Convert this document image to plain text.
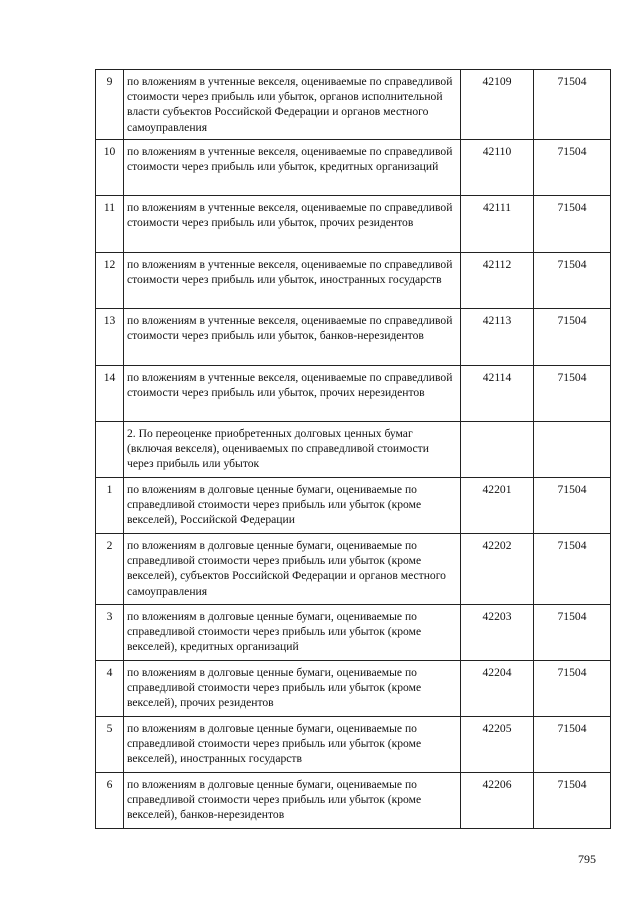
9	по вложениям в учтенные векселя, оцениваемые по справедливой стоимости через прибыль или убыток, органов исполнительной власти субъектов Российской Федерации и органов местного самоуправления	42109	71504
10	по вложениям в учтенные векселя, оцениваемые по справедливой стоимости через прибыль или убыток, кредитных организаций	42110	71504
11	по вложениям в учтенные векселя, оцениваемые по справедливой стоимости через прибыль или убыток, прочих резидентов	42111	71504
12	по вложениям в учтенные векселя, оцениваемые по справедливой стоимости через прибыль или убыток, иностранных государств	42112	71504
13	по вложениям в учтенные векселя, оцениваемые по справедливой стоимости через прибыль или убыток, банков-нерезидентов	42113	71504
14	по вложениям в учтенные векселя, оцениваемые по справедливой стоимости через прибыль или убыток, прочих нерезидентов	42114	71504
	2. По переоценке приобретенных долговых ценных бумаг (включая векселя), оцениваемых по справедливой стоимости через прибыль или убыток		
1	по вложениям в долговые ценные бумаги, оцениваемые по справедливой стоимости через прибыль или убыток (кроме векселей), Российской Федерации	42201	71504
2	по вложениям в долговые ценные бумаги, оцениваемые по справедливой стоимости через прибыль или убыток (кроме векселей), субъектов Российской Федерации и органов местного самоуправления	42202	71504
3	по вложениям в долговые ценные бумаги, оцениваемые по справедливой стоимости через прибыль или убыток (кроме векселей), кредитных организаций	42203	71504
4	по вложениям в долговые ценные бумаги, оцениваемые по справедливой стоимости через прибыль или убыток (кроме векселей), прочих резидентов	42204	71504
5	по вложениям в долговые ценные бумаги, оцениваемые по справедливой стоимости через прибыль или убыток (кроме векселей), иностранных государств	42205	71504
6	по вложениям в долговые ценные бумаги, оцениваемые по справедливой стоимости через прибыль или убыток (кроме векселей), банков-нерезидентов	42206	71504
795
